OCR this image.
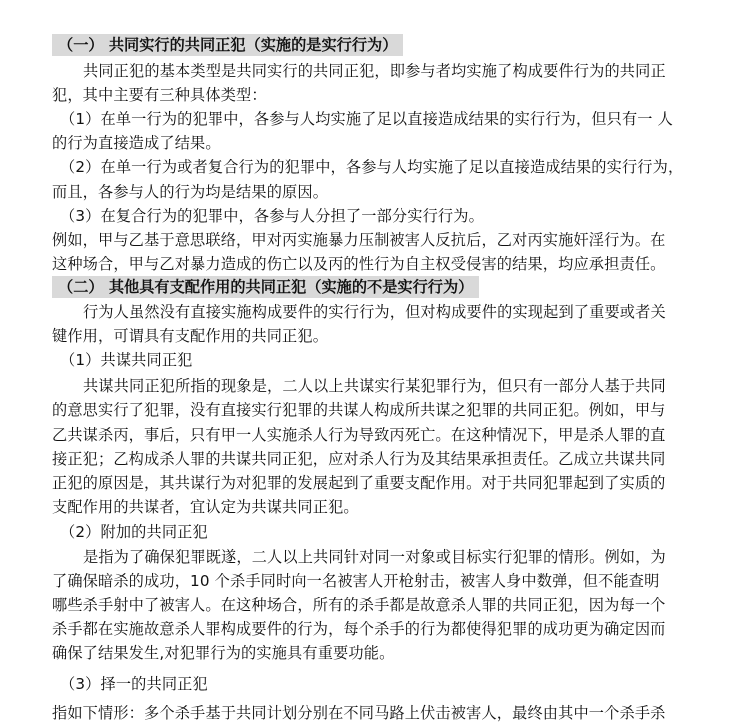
（一） 共同实行的共同正犯（实施的是实行行为）
共同正犯的基本类型是共同实行的共同正犯，即参与者均实施了构成要件行为的共同正
犯，其中主要有三种具体类型：
（1）在单一行为的犯罪中，各参与人均实施了足以直接造成结果的实行行为，但只有一 人
的行为直接造成了结果。
（2）在单一行为或者复合行为的犯罪中，各参与人均实施了足以直接造成结果的实行行为，
而且，各参与人的行为均是结果的原因。
（3）在复合行为的犯罪中，各参与人分担了一部分实行行为。
例如，甲与乙基于意思联络，甲对丙实施暴力压制被害人反抗后，乙对丙实施奸淫行为。在
这种场合，甲与乙对暴力造成的伤亡以及丙的性行为自主权受侵害的结果，均应承担责任。
（二） 其他具有支配作用的共同正犯（实施的不是实行行为）
行为人虽然没有直接实施构成要件的实行行为，但对构成要件的实现起到了重要或者关
键作用，可谓具有支配作用的共同正犯。
（1）共谋共同正犯
共谋共同正犯所指的现象是，二人以上共谋实行某犯罪行为，但只有一部分人基于共同
的意思实行了犯罪，没有直接实行犯罪的共谋人构成所共谋之犯罪的共同正犯。例如，甲与
乙共谋杀丙，事后，只有甲一人实施杀人行为导致丙死亡。在这种情况下，甲是杀人罪的直
接正犯；乙构成杀人罪的共谋共同正犯，应对杀人行为及其结果承担责任。乙成立共谋共同
正犯的原因是，其共谋行为对犯罪的发展起到了重要支配作用。对于共同犯罪起到了实质的
支配作用的共谋者，宜认定为共谋共同正犯。
（2）附加的共同正犯
是指为了确保犯罪既遂，二人以上共同针对同一对象或目标实行犯罪的情形。例如，为
了确保暗杀的成功，10 个杀手同时向一名被害人开枪射击，被害人身中数弹，但不能查明
哪些杀手射中了被害人。在这种场合，所有的杀手都是故意杀人罪的共同正犯，因为每一个
杀手都在实施故意杀人罪构成要件的行为，每个杀手的行为都使得犯罪的成功更为确定因而
确保了结果发生,对犯罪行为的实施具有重要功能。
（3）择一的共同正犯
指如下情形：多个杀手基于共同计划分别在不同马路上伏击被害人，最终由其中一个杀手杀
